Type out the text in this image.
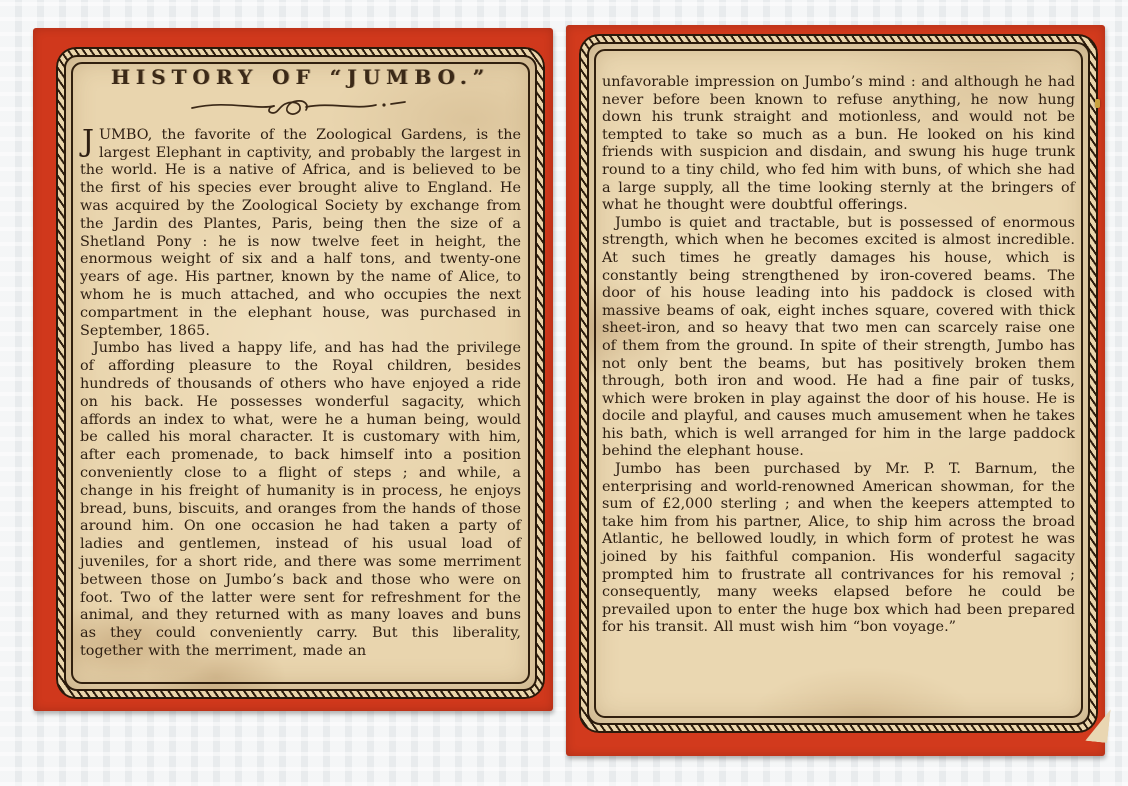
HISTORY OF “JUMBO.”

JUMBO, the favorite of the Zoological Gardens, is the largest Elephant in captivity, and probably the largest in the world. He is a native of Africa, and is believed to be the first of his species ever brought alive to England. He was acquired by the Zoological Society by exchange from the Jardin des Plantes, Paris, being then the size of a Shetland Pony : he is now twelve feet in height, the enormous weight of six and a half tons, and twenty-one years of age. His partner, known by the name of Alice, to whom he is much attached, and who occupies the next compartment in the elephant house, was purchased in September, 1865.

Jumbo has lived a happy life, and has had the privilege of affording pleasure to the Royal children, besides hundreds of thousands of others who have enjoyed a ride on his back. He possesses wonderful sagacity, which affords an index to what, were he a human being, would be called his moral character. It is customary with him, after each promenade, to back himself into a position conveniently close to a flight of steps ; and while, a change in his freight of humanity is in process, he enjoys bread, buns, biscuits, and oranges from the hands of those around him. On one occasion he had taken a party of ladies and gentlemen, instead of his usual load of juveniles, for a short ride, and there was some merriment between those on Jumbo’s back and those who were on foot. Two of the latter were sent for refreshment for the animal, and they returned with as many loaves and buns as they could conveniently carry. But this liberality, together with the merriment, made an

unfavorable impression on Jumbo’s mind : and although he had never before been known to refuse anything, he now hung down his trunk straight and motionless, and would not be tempted to take so much as a bun. He looked on his kind friends with suspicion and disdain, and swung his huge trunk round to a tiny child, who fed him with buns, of which she had a large supply, all the time looking sternly at the bringers of what he thought were doubtful offerings.

Jumbo is quiet and tractable, but is possessed of enormous strength, which when he becomes excited is almost incredible. At such times he greatly damages his house, which is constantly being strengthened by iron-covered beams. The door of his house leading into his paddock is closed with massive beams of oak, eight inches square, covered with thick sheet-iron, and so heavy that two men can scarcely raise one of them from the ground. In spite of their strength, Jumbo has not only bent the beams, but has positively broken them through, both iron and wood. He had a fine pair of tusks, which were broken in play against the door of his house. He is docile and playful, and causes much amusement when he takes his bath, which is well arranged for him in the large paddock behind the elephant house.

Jumbo has been purchased by Mr. P. T. Barnum, the enterprising and world-renowned American showman, for the sum of £2,000 sterling ; and when the keepers attempted to take him from his partner, Alice, to ship him across the broad Atlantic, he bellowed loudly, in which form of protest he was joined by his faithful companion. His wonderful sagacity prompted him to frustrate all contrivances for his removal ; consequently, many weeks elapsed before he could be prevailed upon to enter the huge box which had been prepared for his transit. All must wish him “bon voyage.”
